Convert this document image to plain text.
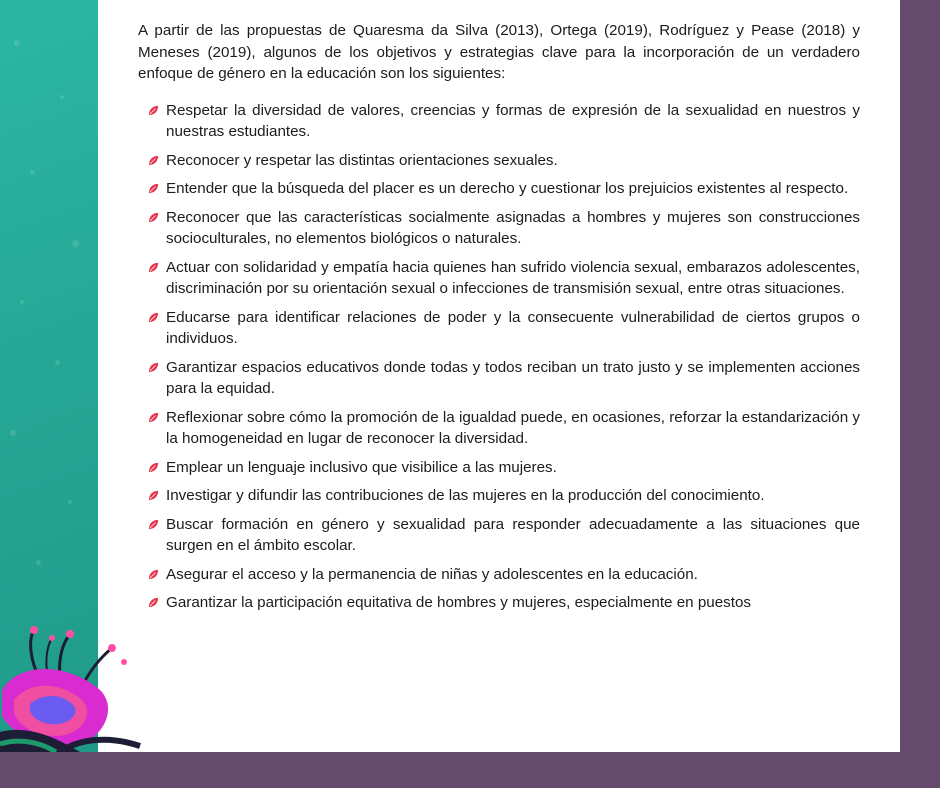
A partir de las propuestas de Quaresma da Silva (2013), Ortega (2019), Rodríguez y Pease (2018) y Meneses (2019), algunos de los objetivos y estrategias clave para la incorporación de un verdadero enfoque de género en la educación son los siguientes:

Respetar la diversidad de valores, creencias y formas de expresión de la sexualidad en nuestros y nuestras estudiantes.
Reconocer y respetar las distintas orientaciones sexuales.
Entender que la búsqueda del placer es un derecho y cuestionar los prejuicios existentes al respecto.
Reconocer que las características socialmente asignadas a hombres y mujeres son construcciones socioculturales, no elementos biológicos o naturales.
Actuar con solidaridad y empatía hacia quienes han sufrido violencia sexual, embarazos adolescentes, discriminación por su orientación sexual o infecciones de transmisión sexual, entre otras situaciones.
Educarse para identificar relaciones de poder y la consecuente vulnerabilidad de ciertos grupos o individuos.
Garantizar espacios educativos donde todas y todos reciban un trato justo y se implementen acciones para la equidad.
Reflexionar sobre cómo la promoción de la igualdad puede, en ocasiones, reforzar la estandarización y la homogeneidad en lugar de reconocer la diversidad.
Emplear un lenguaje inclusivo que visibilice a las mujeres.
Investigar y difundir las contribuciones de las mujeres en la producción del conocimiento.
Buscar formación en género y sexualidad para responder adecuadamente a las situaciones que surgen en el ámbito escolar.
Asegurar el acceso y la permanencia de niñas y adolescentes en la educación.
Garantizar la participación equitativa de hombres y mujeres, especialmente en puestos
